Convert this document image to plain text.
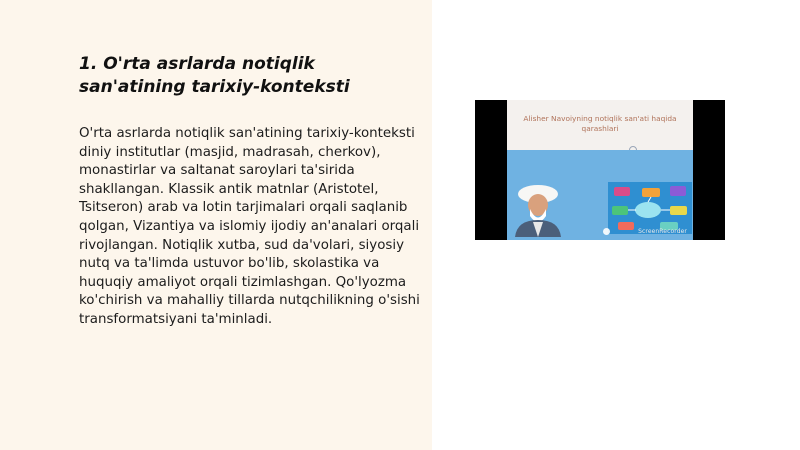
1. O'rta asrlarda notiqlik san'atining tarixiy-konteksti

O'rta asrlarda notiqlik san'atining tarixiy-konteksti diniy institutlar (masjid, madrasah, cherkov), monastirlar va saltanat saroylari ta'sirida shakllangan. Klassik antik matnlar (Aristotel, Tsitseron) arab va lotin tarjimalari orqali saqlanib qolgan, Vizantiya va islomiy ijodiy an'analari orqali rivojlangan. Notiqlik xutba, sud da'volari, siyosiy nutq va ta'limda ustuvor bo'lib, skolastika va huquqiy amaliyot orqali tizimlashgan. Qo'lyozma ko'chirish va mahalliy tillarda nutqchilikning o'sishi transformatsiyani ta'minladi.

Alisher Navoiyning notiqlik san'ati haqida qarashlari
ScreenRecorder
